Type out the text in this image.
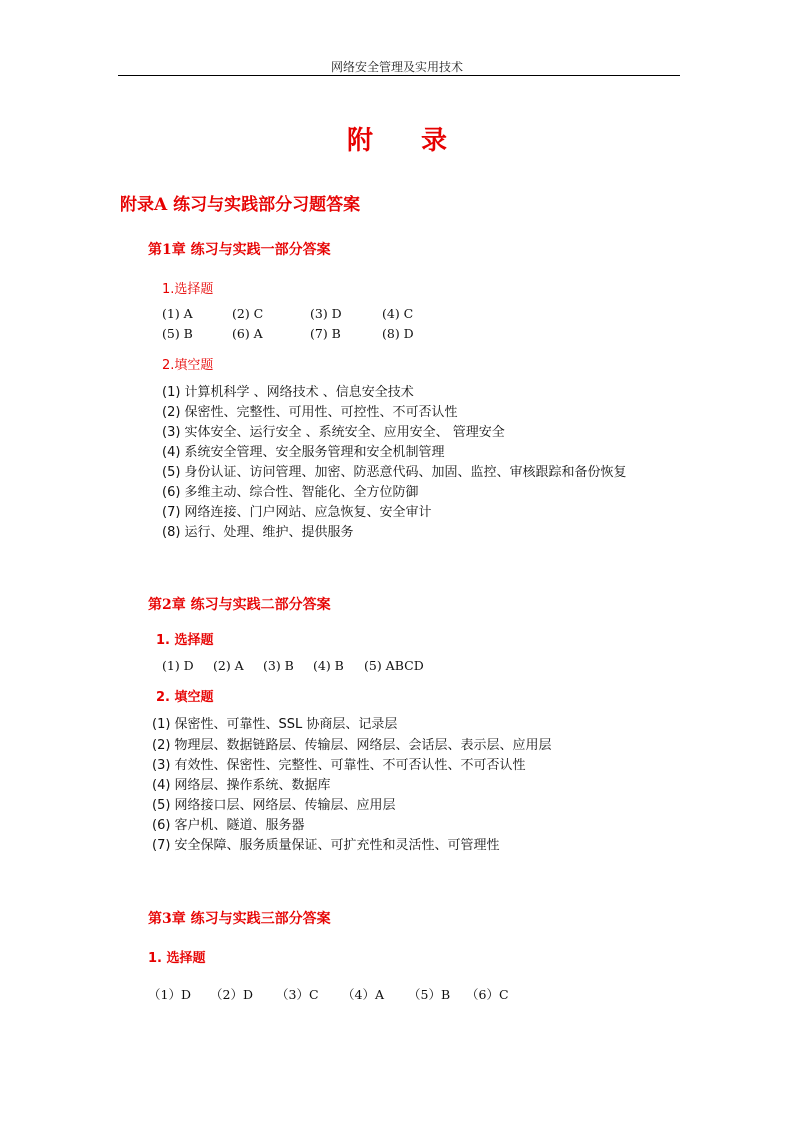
网络安全管理及实用技术
附 录
附录A 练习与实践部分习题答案
第1章 练习与实践一部分答案
1.选择题
(1) A	(2) C	(3) D	(4) C
(5) B	(6) A	(7) B	(8) D
2.填空题
(1) 计算机科学 、网络技术 、信息安全技术
(2) 保密性、完整性、可用性、可控性、不可否认性
(3) 实体安全、运行安全 、系统安全、应用安全、 管理安全
(4) 系统安全管理、安全服务管理和安全机制管理
(5) 身份认证、访问管理、加密、防恶意代码、加固、监控、审核跟踪和备份恢复
(6) 多维主动、综合性、智能化、全方位防御
(7) 网络连接、门户网站、应急恢复、安全审计
(8) 运行、处理、维护、提供服务
第2章 练习与实践二部分答案
1. 选择题
(1) D (2) A (3) B (4) B (5) ABCD
2. 填空题
(1) 保密性、可靠性、SSL 协商层、记录层
(2) 物理层、数据链路层、传输层、网络层、会话层、表示层、应用层
(3) 有效性、保密性、完整性、可靠性、不可否认性、不可否认性
(4) 网络层、操作系统、数据库
(5) 网络接口层、网络层、传输层、应用层
(6) 客户机、隧道、服务器
(7) 安全保障、服务质量保证、可扩充性和灵活性、可管理性
第3章 练习与实践三部分答案
1. 选择题
（1）D （2）D （3）C （4）A （5）B （6）C
